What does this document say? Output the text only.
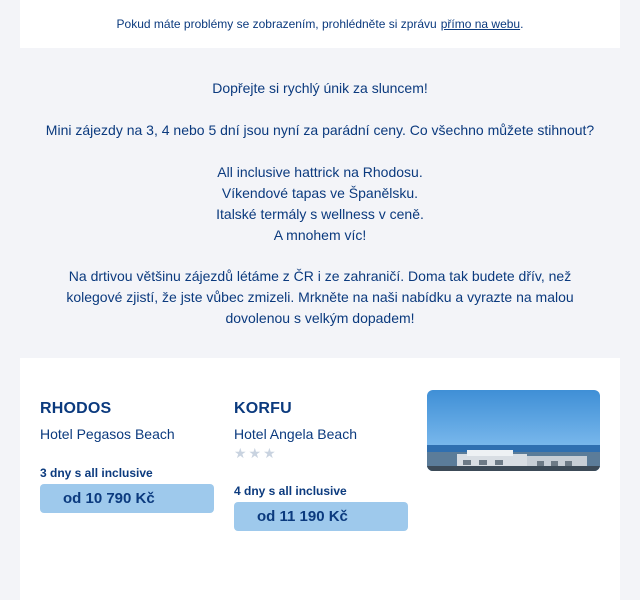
Pokud máte problémy se zobrazením, prohlédněte si zprávu přímo na webu .

Dopřejte si rychlý únik za sluncem!

Mini zájezdy na 3, 4 nebo 5 dní jsou nyní za parádní ceny. Co všechno můžete stihnout?

All inclusive hattrick na Rhodosu.

Víkendové tapas ve Španělsku.

Italské termály s wellness v ceně.

A mnohem víc!

Na drtivou většinu zájezdů létáme z ČR i ze zahraničí. Doma tak budete dřív, než kolegové zjistí, že jste vůbec zmizeli. Mrkněte na naši nabídku a vyrazte na malou dovolenou s velkým dopadem!

RHODOS
Hotel Pegasos Beach
3 dny s all inclusive
od 10 790 Kč
KORFU
Hotel Angela Beach
★★★
4 dny s all inclusive
od 11 190 Kč
